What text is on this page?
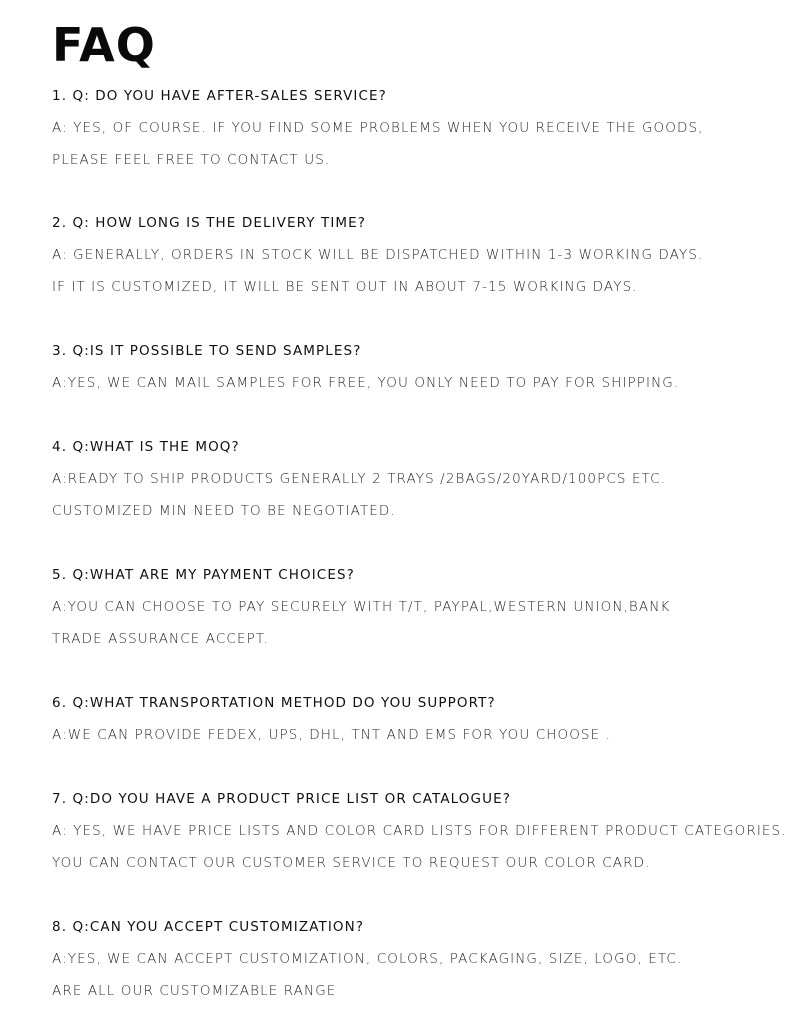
FAQ

1. Q: DO YOU HAVE AFTER-SALES SERVICE?

A: YES, OF COURSE. IF YOU FIND SOME PROBLEMS WHEN YOU RECEIVE THE GOODS,

PLEASE FEEL FREE TO CONTACT US.

2. Q: HOW LONG IS THE DELIVERY TIME?

A: GENERALLY, ORDERS IN STOCK WILL BE DISPATCHED WITHIN 1-3 WORKING DAYS.

IF IT IS CUSTOMIZED, IT WILL BE SENT OUT IN ABOUT 7-15 WORKING DAYS.

3. Q:IS IT POSSIBLE TO SEND SAMPLES?

A:YES, WE CAN MAIL SAMPLES FOR FREE, YOU ONLY NEED TO PAY FOR SHIPPING.

4. Q:WHAT IS THE MOQ?

A:READY TO SHIP PRODUCTS GENERALLY 2 TRAYS /2BAGS/20YARD/100PCS ETC.

CUSTOMIZED MIN NEED TO BE NEGOTIATED.

5. Q:WHAT ARE MY PAYMENT CHOICES?

A:YOU CAN CHOOSE TO PAY SECURELY WITH T/T, PAYPAL,WESTERN UNION,BANK

TRADE ASSURANCE ACCEPT.

6. Q:WHAT TRANSPORTATION METHOD DO YOU SUPPORT?

A:WE CAN PROVIDE FEDEX, UPS, DHL, TNT AND EMS FOR YOU CHOOSE .

7. Q:DO YOU HAVE A PRODUCT PRICE LIST OR CATALOGUE?

A: YES, WE HAVE PRICE LISTS AND COLOR CARD LISTS FOR DIFFERENT PRODUCT CATEGORIES.

YOU CAN CONTACT OUR CUSTOMER SERVICE TO REQUEST OUR COLOR CARD.

8. Q:CAN YOU ACCEPT CUSTOMIZATION?

A:YES, WE CAN ACCEPT CUSTOMIZATION, COLORS, PACKAGING, SIZE, LOGO, ETC.

ARE ALL OUR CUSTOMIZABLE RANGE
